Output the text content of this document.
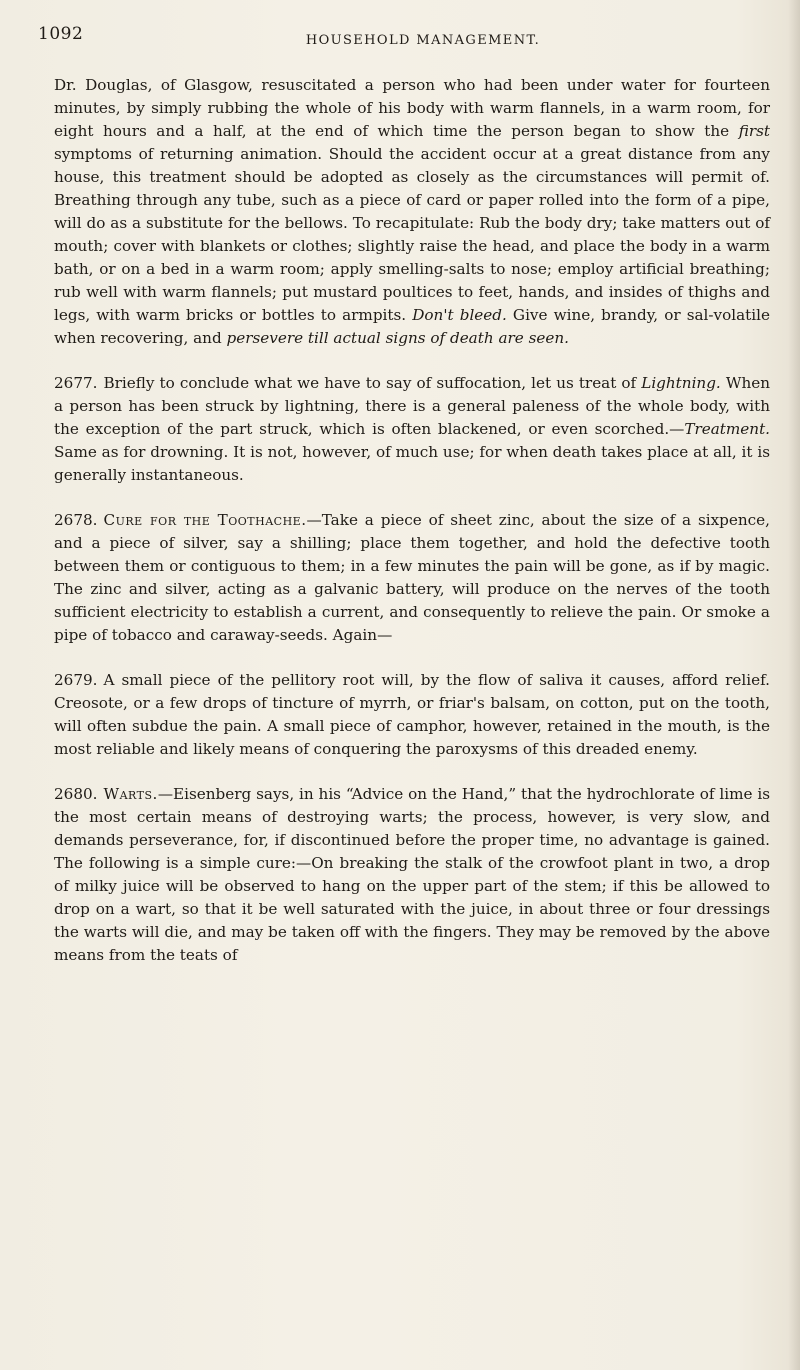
1092	HOUSEHOLD MANAGEMENT.

Dr. Douglas, of Glasgow, resuscitated a person who had been under water for fourteen minutes, by simply rubbing the whole of his body with warm flannels, in a warm room, for eight hours and a half, at the end of which time the person began to show the first symptoms of returning animation. Should the accident occur at a great distance from any house, this treatment should be adopted as closely as the circumstances will permit of. Breathing through any tube, such as a piece of card or paper rolled into the form of a pipe, will do as a substitute for the bellows. To recapitulate: Rub the body dry; take matters out of mouth; cover with blankets or clothes; slightly raise the head, and place the body in a warm bath, or on a bed in a warm room; apply smelling-salts to nose; employ artificial breathing; rub well with warm flannels; put mustard poultices to feet, hands, and insides of thighs and legs, with warm bricks or bottles to armpits. Don't bleed. Give wine, brandy, or sal-volatile when recovering, and persevere till actual signs of death are seen.

2677. Briefly to conclude what we have to say of suffocation, let us treat of Lightning. When a person has been struck by lightning, there is a general paleness of the whole body, with the exception of the part struck, which is often blackened, or even scorched.—Treatment. Same as for drowning. It is not, however, of much use; for when death takes place at all, it is generally instantaneous.

2678. Cure for the Toothache.—Take a piece of sheet zinc, about the size of a sixpence, and a piece of silver, say a shilling; place them together, and hold the defective tooth between them or contiguous to them; in a few minutes the pain will be gone, as if by magic. The zinc and silver, acting as a galvanic battery, will produce on the nerves of the tooth sufficient electricity to establish a current, and consequently to relieve the pain. Or smoke a pipe of tobacco and caraway-seeds. Again—

2679. A small piece of the pellitory root will, by the flow of saliva it causes, afford relief. Creosote, or a few drops of tincture of myrrh, or friar's balsam, on cotton, put on the tooth, will often subdue the pain. A small piece of camphor, however, retained in the mouth, is the most reliable and likely means of conquering the paroxysms of this dreaded enemy.

2680. Warts.—Eisenberg says, in his “Advice on the Hand,” that the hydrochlorate of lime is the most certain means of destroying warts; the process, however, is very slow, and demands perseverance, for, if discontinued before the proper time, no advantage is gained. The following is a simple cure:—On breaking the stalk of the crowfoot plant in two, a drop of milky juice will be observed to hang on the upper part of the stem; if this be allowed to drop on a wart, so that it be well saturated with the juice, in about three or four dressings the warts will die, and may be taken off with the fingers. They may be removed by the above means from the teats of
